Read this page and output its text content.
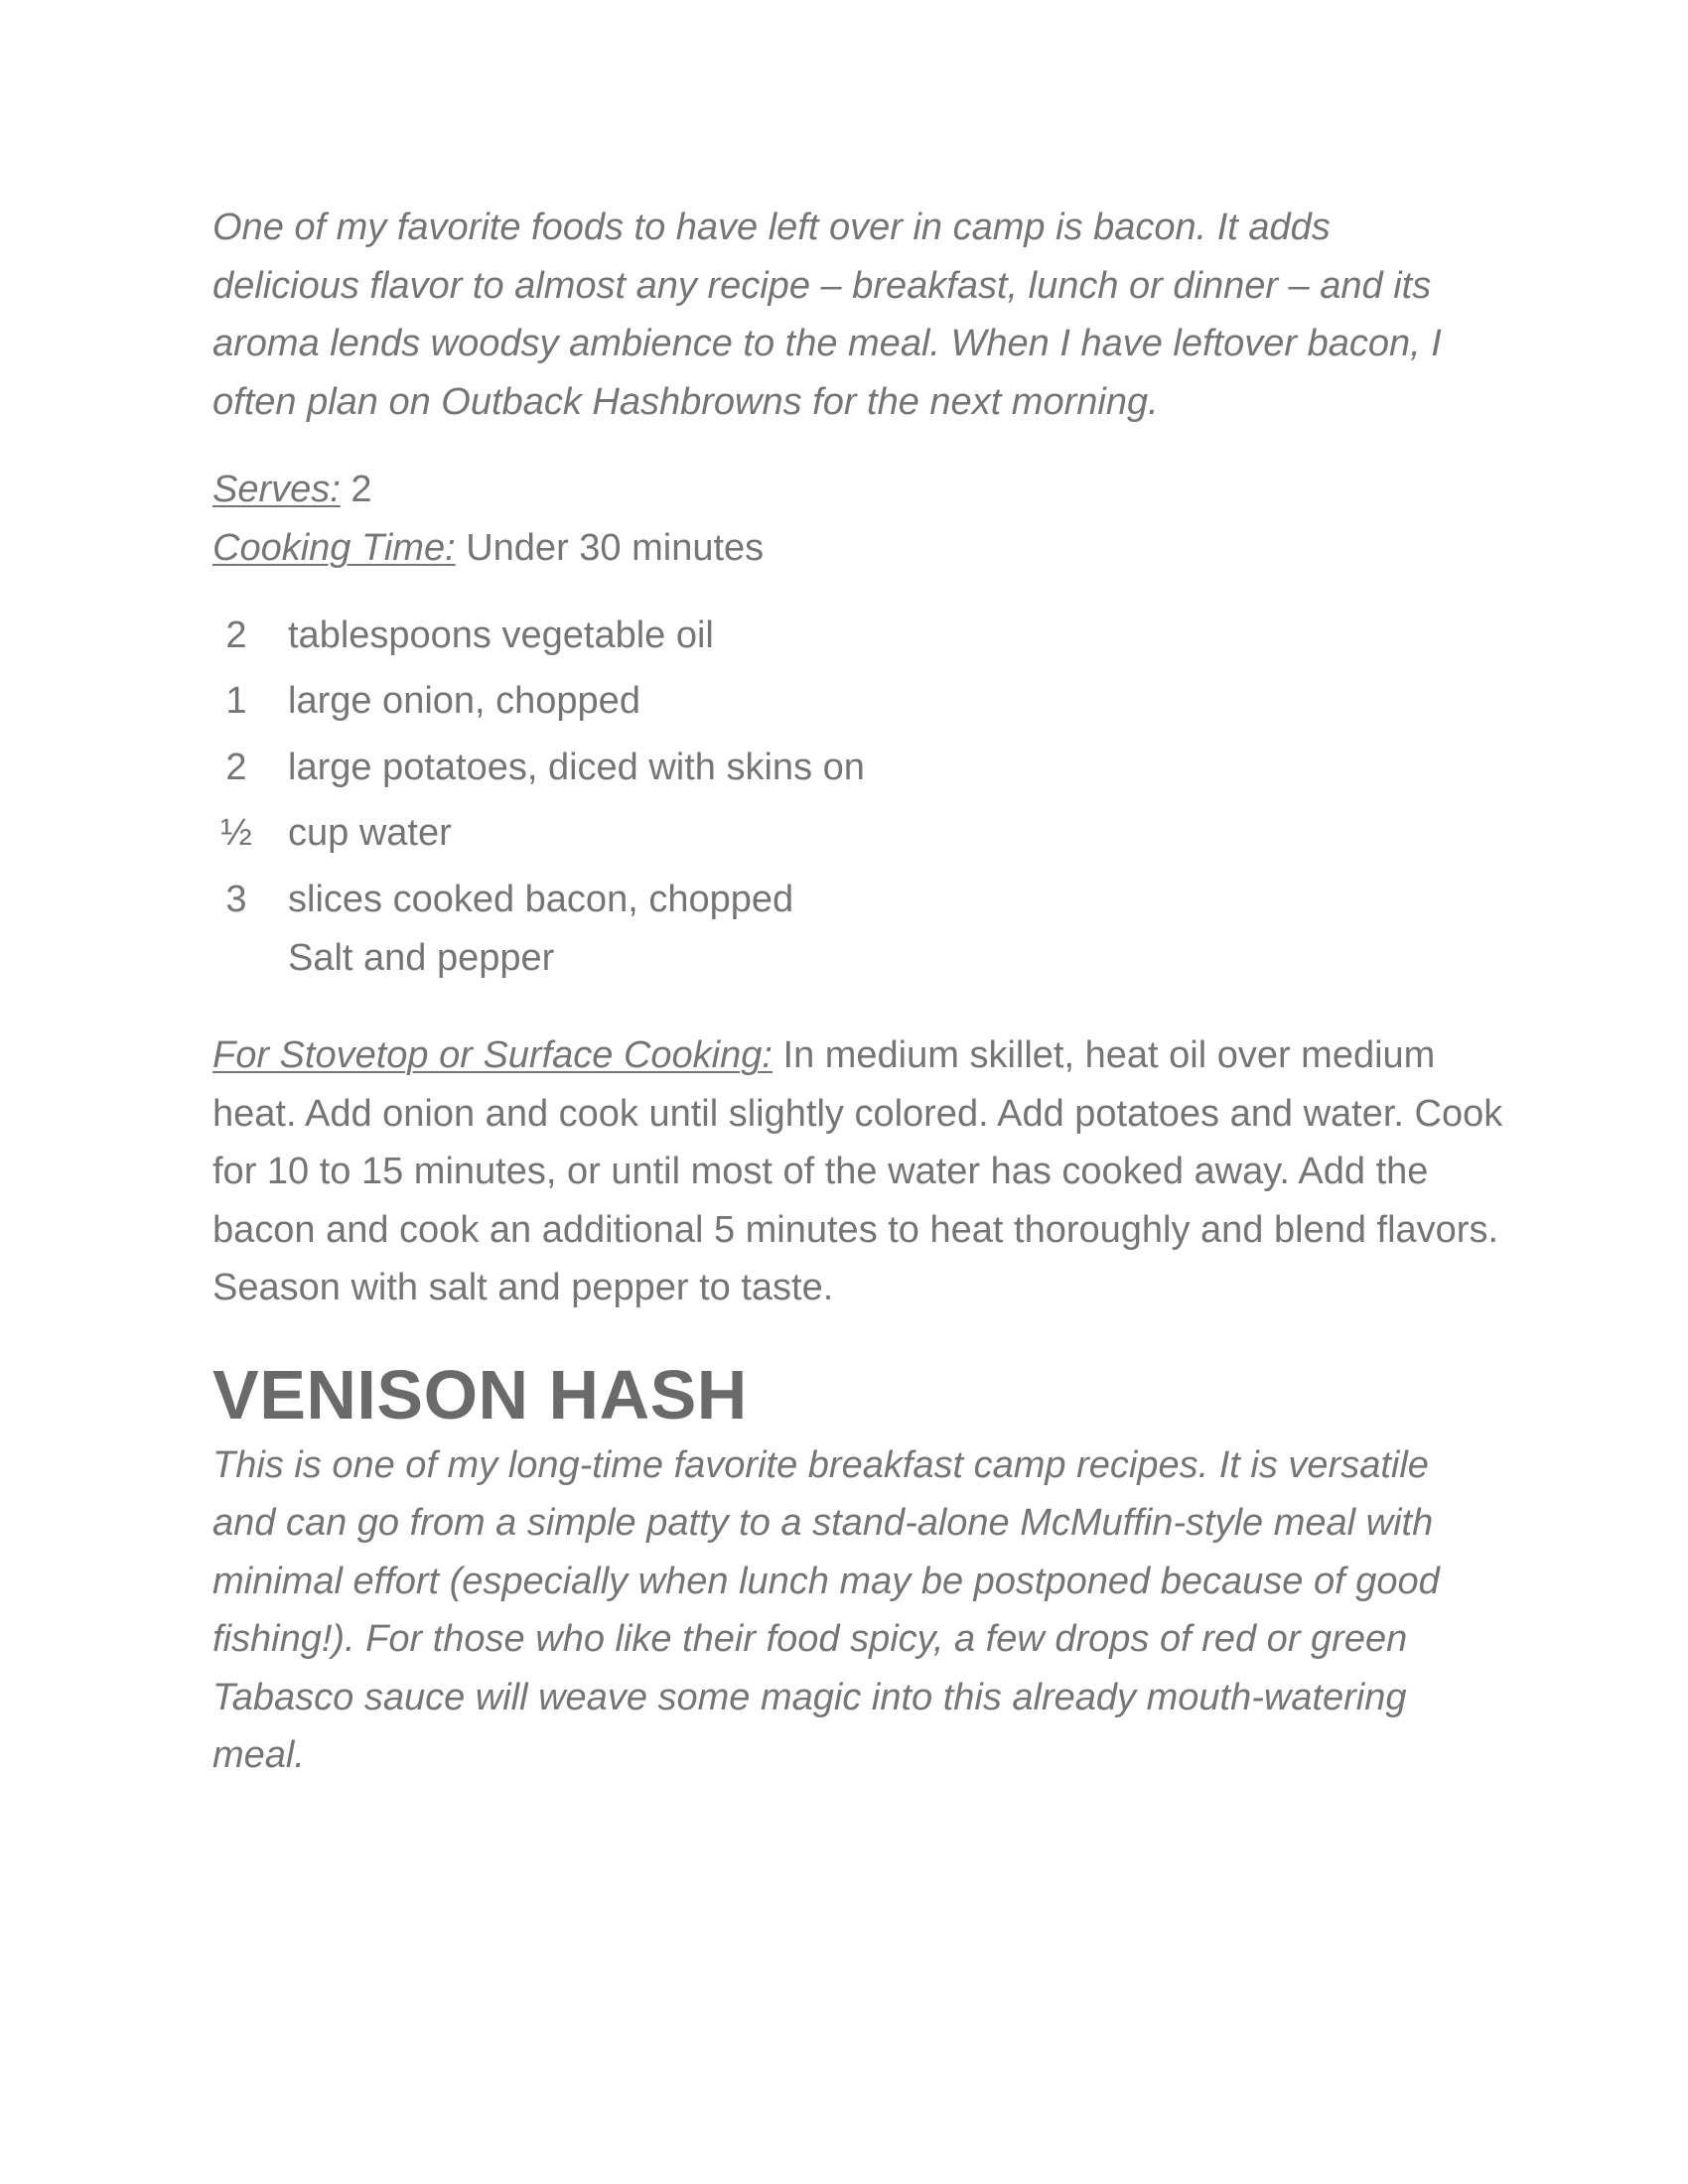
One of my favorite foods to have left over in camp is bacon. It adds delicious flavor to almost any recipe – breakfast, lunch or dinner – and its aroma lends woodsy ambience to the meal. When I have leftover bacon, I often plan on Outback Hashbrowns for the next morning.

Serves: 2
Cooking Time: Under 30 minutes
2	tablespoons vegetable oil
1	large onion, chopped
2	large potatoes, diced with skins on
½ cup water
3	slices cooked bacon, chopped
Salt and pepper
For Stovetop or Surface Cooking: In medium skillet, heat oil over medium heat. Add onion and cook until slightly colored. Add potatoes and water. Cook for 10 to 15 minutes, or until most of the water has cooked away. Add the bacon and cook an additional 5 minutes to heat thoroughly and blend flavors. Season with salt and pepper to taste.
VENISON HASH

This is one of my long-time favorite breakfast camp recipes. It is versatile and can go from a simple patty to a stand-alone McMuffin-style meal with minimal effort (especially when lunch may be postponed because of good fishing!). For those who like their food spicy, a few drops of red or green Tabasco sauce will weave some magic into this already mouth-watering meal.
